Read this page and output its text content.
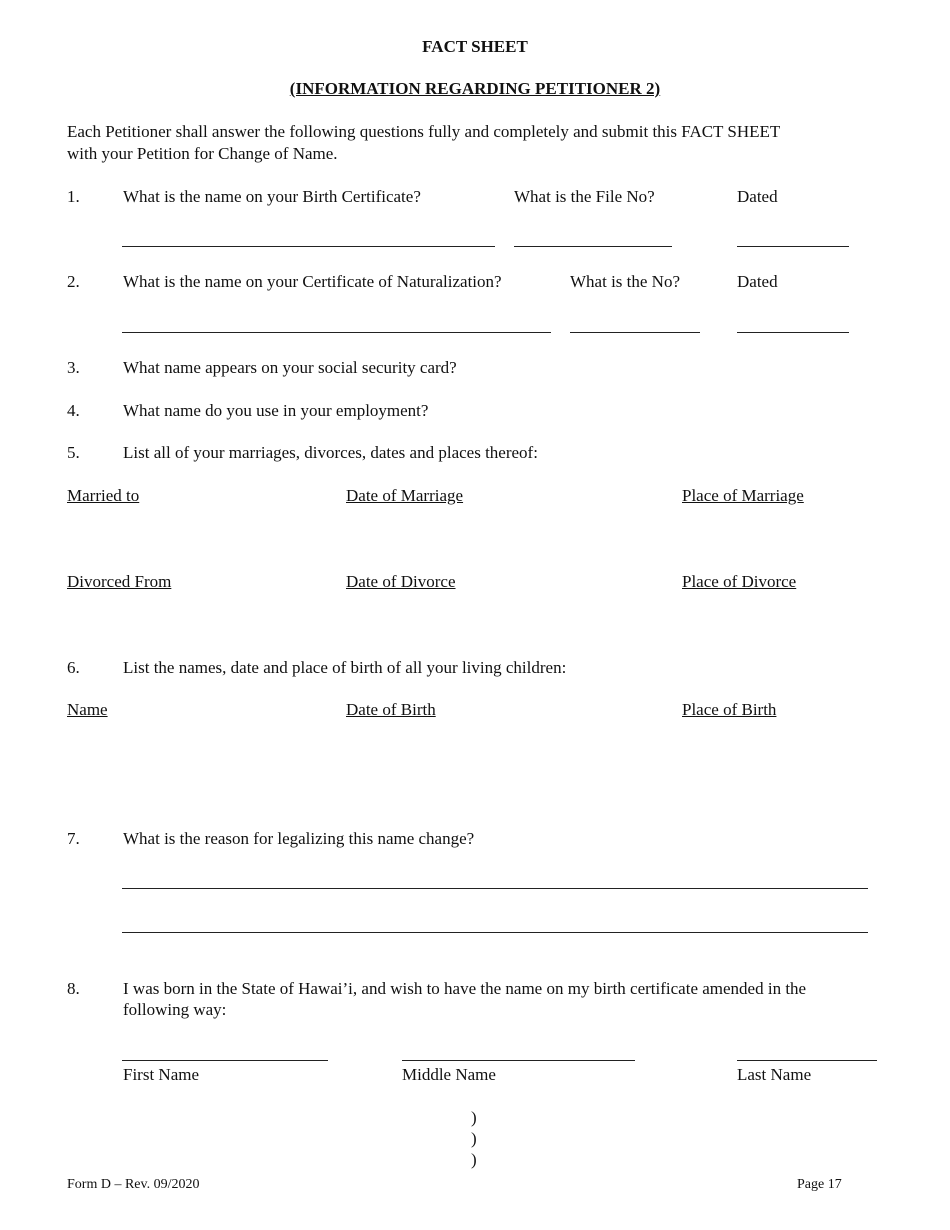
FACT SHEET
(INFORMATION REGARDING PETITIONER 2)
Each Petitioner shall answer the following questions fully and completely and submit this FACT SHEET
with your Petition for Change of Name.
1.	What is the name on your Birth Certificate?	What is the File No?	Dated
2.	What is the name on your Certificate of Naturalization?	What is the No?	Dated
3.	What name appears on your social security card?
4.	What name do you use in your employment?
5.	List all of your marriages, divorces, dates and places thereof:
Married to	Date of Marriage	Place of Marriage
Divorced From	Date of Divorce	Place of Divorce
6.	List the names, date and place of birth of all your living children:
Name	Date of Birth	Place of Birth
7.	What is the reason for legalizing this name change?
8.	I was born in the State of Hawai’i, and wish to have the name on my birth certificate amended in the
following way:
First Name	Middle Name	Last Name
)
)
)
Form D – Rev. 09/2020	Page 17
